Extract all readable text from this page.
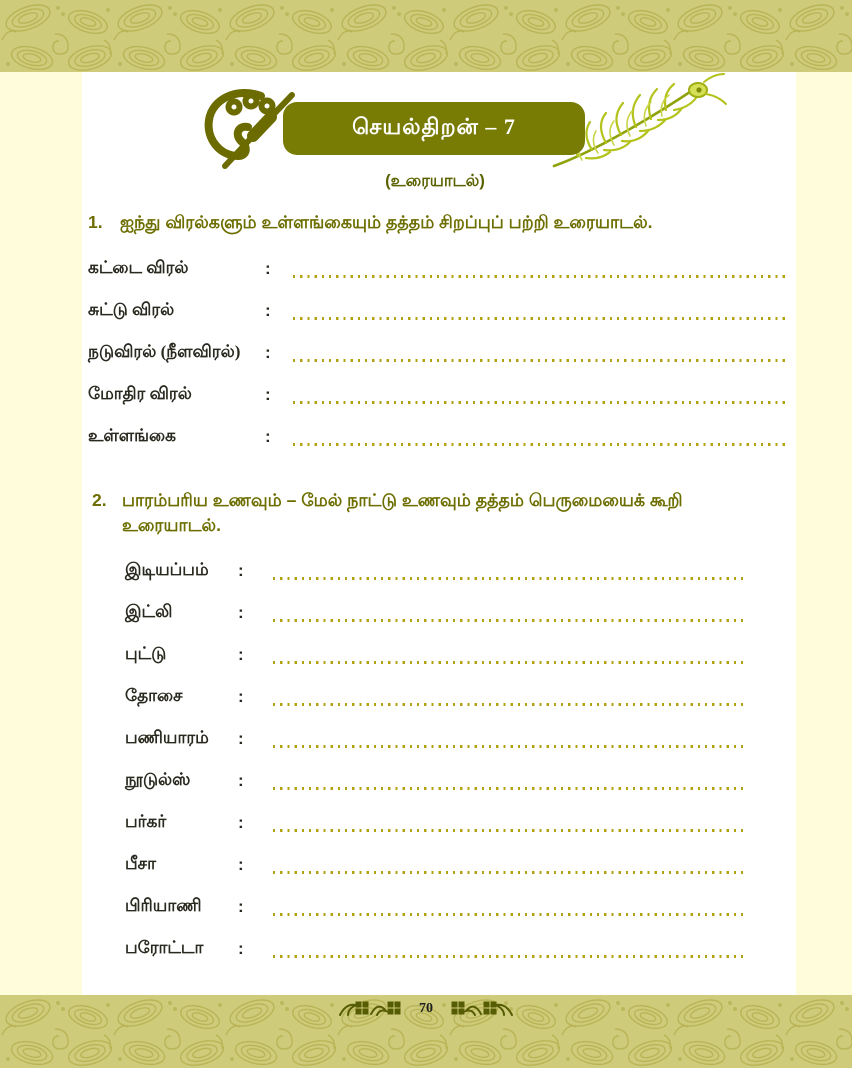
செயல்திறன் – 7
(உரையாடல்)
1. ஐந்து விரல்களும் உள்ளங்கையும் தத்தம் சிறப்புப் பற்றி உரையாடல்.
கட்டை விரல்	:
சுட்டு விரல்	:
நடுவிரல் (நீளவிரல்)	:
மோதிர விரல்	:
உள்ளங்கை	:
2. பாரம்பரிய உணவும் – மேல் நாட்டு உணவும் தத்தம் பெருமையைக் கூறி உரையாடல்.
இடியப்பம்	:
இட்லி	:
புட்டு	:
தோசை	:
பணியாரம்	:
நூடுல்ஸ்	:
பர்கர்	:
பீசா	:
பிரியாணி	:
பரோட்டா	:
70
